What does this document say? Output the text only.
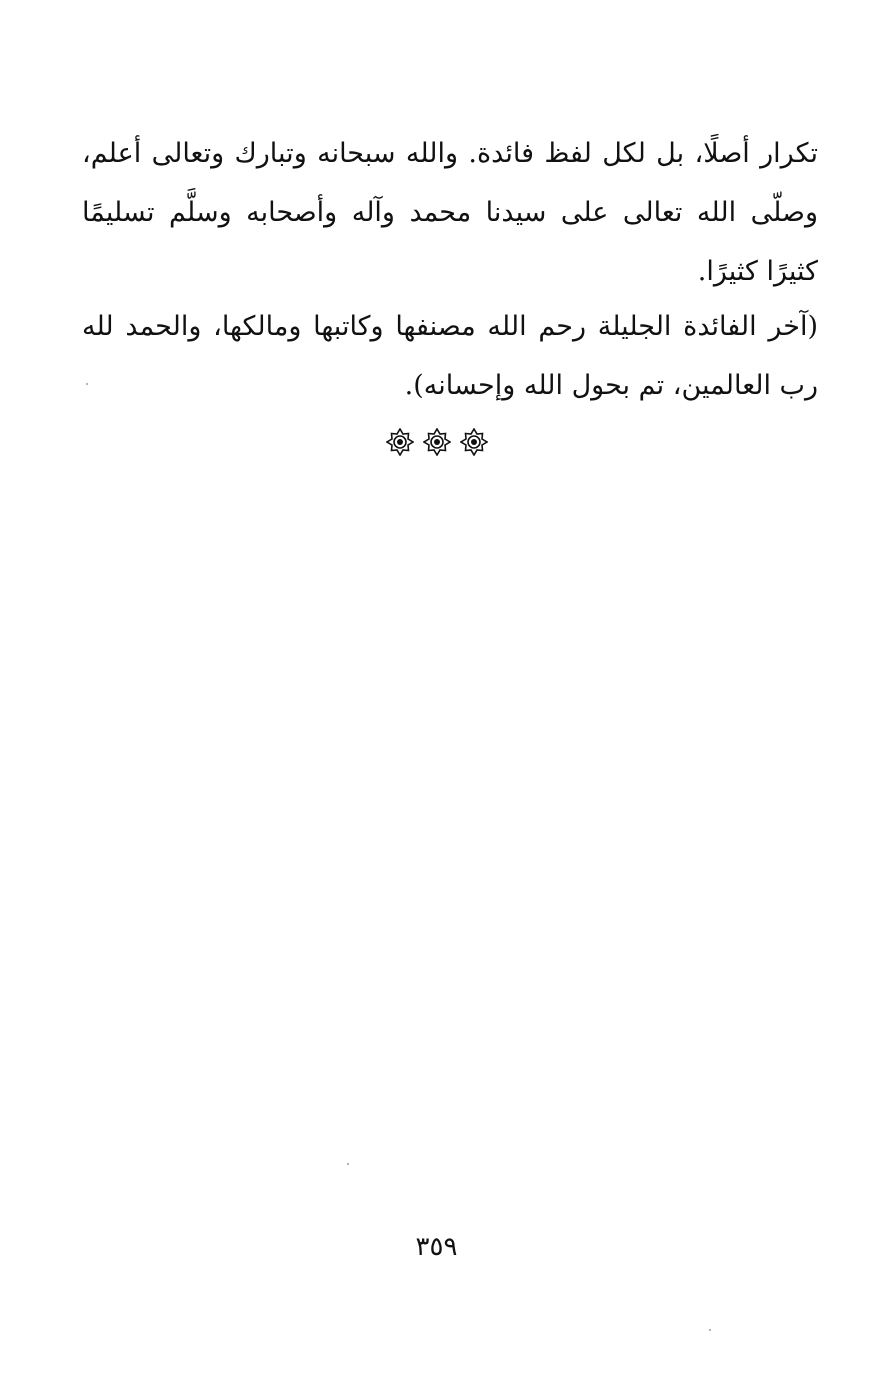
تكرار أصلًا، بل لكل لفظ فائدة. والله سبحانه وتبارك وتعالى أعلم، وصلّى الله تعالى على سيدنا محمد وآله وأصحابه وسلَّم تسليمًا كثيرًا كثيرًا.

(آخر الفائدة الجليلة رحم الله مصنفها وكاتبها ومالكها، والحمد لله رب العالمين، تم بحول الله وإحسانه).

٣٥٩
